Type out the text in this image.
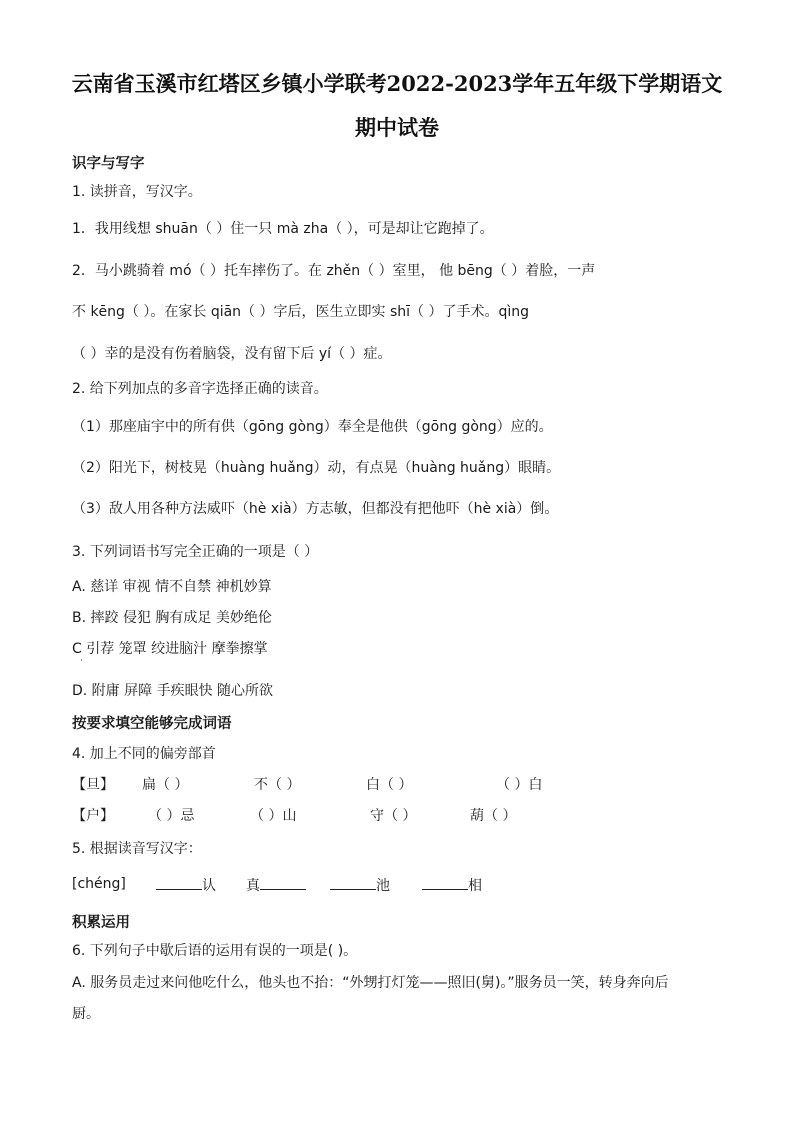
云南省玉溪市红塔区乡镇小学联考2022-2023学年五年级下学期语文
期中试卷
识字与写字
1. 读拼音，写汉字。
1．我用线想 shuān（ ）住一只 mà zha（ ），可是却让它跑掉了。
2．马小跳骑着 mó（ ）托车摔伤了。在 zhěn（ ）室里， 他 bēng（ ）着脸，一声
不 kēng（ ）。在家长 qiān（ ）字后，医生立即实 shī（ ）了手术。qìng
（ ）幸的是没有伤着脑袋，没有留下后 yí（ ）症。
2. 给下列加点的多音字选择正确的读音。
（1）那座庙宇中的所有供（gōng gòng）奉全是他供（gōng gòng）应的。
（2）阳光下，树枝晃（huàng huǎng）动，有点晃（huàng huǎng）眼睛。
（3）敌人用各种方法威吓（hè xià）方志敏，但都没有把他吓（hè xià）倒。
3. 下列词语书写完全正确的一项是（ ）
A. 慈详 审视 情不自禁 神机妙算
B. 摔跤 侵犯 胸有成足 美妙绝伦
C 引荐 笼罩 绞进脑汁 摩拳擦掌
·
D. 附庸 屏障 手疾眼快 随心所欲
按要求填空能够完成词语
4. 加上不同的偏旁部首
【旦】 扁（ ）	不（ ）	白（ ）	（ ）白
【户】 （ ）忌	（ ）山	守（ ）	葫（ ）
5. 根据读音写汉字：
[chéng]	认 真	池	相
积累运用
6. 下列句子中歇后语的运用有误的一项是( )。
A. 服务员走过来问他吃什么，他头也不抬：“外甥打灯笼——照旧(舅)。”服务员一笑，转身奔向后
厨。
